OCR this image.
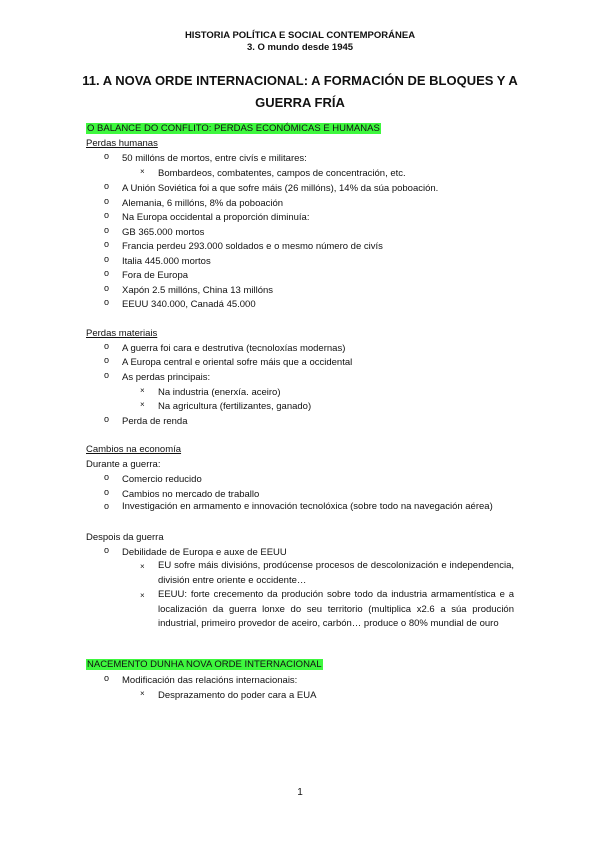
HISTORIA POLÍTICA E SOCIAL CONTEMPORÁNEA
3. O mundo desde 1945
11. A NOVA ORDE INTERNACIONAL: A FORMACIÓN DE BLOQUES Y A GUERRA FRÍA
O BALANCE DO CONFLITO: PERDAS ECONÓMICAS E HUMANAS
Perdas humanas
o 50 millóns de mortos, entre civís e militares:
× Bombardeos, combatentes, campos de concentración, etc.
o A Unión Soviética foi a que sofre máis (26 millóns), 14% da súa poboación.
o Alemania, 6 millóns, 8% da poboación
o Na Europa occidental a proporción diminuía:
o GB 365.000 mortos
o Francia perdeu 293.000 soldados e o mesmo número de civís
o Italia 445.000 mortos
o Fora de Europa
o Xapón 2.5 millóns, China 13 millóns
o EEUU 340.000, Canadá 45.000
Perdas materiais
o A guerra foi cara e destrutiva (tecnoloxías modernas)
o A Europa central e oriental sofre máis que a occidental
o As perdas principais:
× Na industria (enerxía. aceiro)
× Na agricultura (fertilizantes, ganado)
o Perda de renda
Cambios na economía
Durante a guerra:
o Comercio reducido
o Cambios no mercado de traballo
o Investigación en armamento e innovación tecnolóxica (sobre todo na navegación aérea)
Despois da guerra
o Debilidade de Europa e auxe de EEUU
× EU sofre máis divisións, prodúcense procesos de descolonización e independencia, división entre oriente e occidente…
× EEUU: forte crecemento da produción sobre todo da industria armamentística e a localización da guerra lonxe do seu territorio (multiplica x2.6 a súa produción industrial, primeiro provedor de aceiro, carbón… produce o 80% mundial de ouro
NACEMENTO DUNHA NOVA ORDE INTERNACIONAL
o Modificación das relacións internacionais:
× Desprazamento do poder cara a EUA
1
